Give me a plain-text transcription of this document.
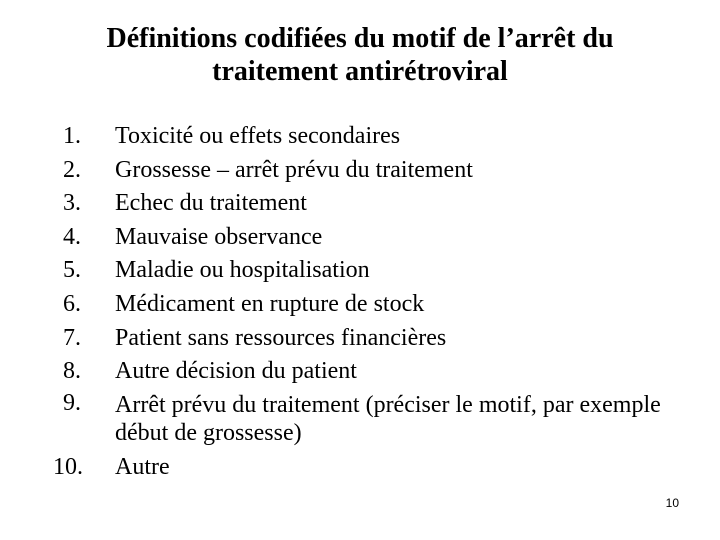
Définitions codifiées du motif de l’arrêt du
traitement antirétroviral
1.	Toxicité ou effets secondaires
2.	Grossesse – arrêt prévu du traitement
3.	Echec du traitement
4.	Mauvaise observance
5.	Maladie ou hospitalisation
6.	Médicament en rupture de stock
7.	Patient sans ressources financières
8.	Autre décision du patient
9.	Arrêt prévu du traitement (préciser le motif, par exemple début de grossesse)
10.	Autre
10
